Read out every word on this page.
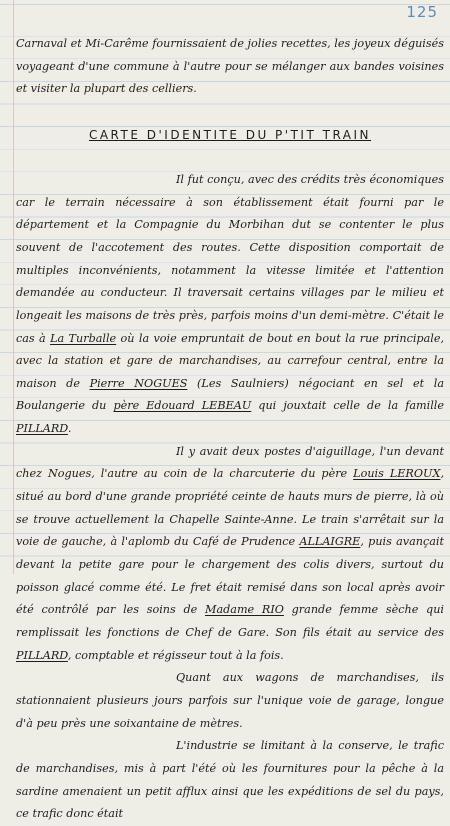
125

Carnaval et Mi-Carême fournissaient de jolies recettes, les joyeux déguisés voyageant d'une commune à l'autre pour se mélanger aux bandes voisines et visiter la plupart des celliers.

CARTE D'IDENTITE DU P'TIT TRAIN

Il fut conçu, avec des crédits très économiques car le terrain nécessaire à son établissement était fourni par le département et la Compagnie du Morbihan dut se contenter le plus souvent de l'accotement des routes. Cette disposition comportait de multiples inconvénients, notamment la vitesse limitée et l'attention demandée au conducteur. Il traversait certains villages par le milieu et longeait les maisons de très près, parfois moins d'un demi-mètre. C'était le cas à La Turballe où la voie empruntait de bout en bout la rue principale, avec la station et gare de marchandises, au carrefour central, entre la maison de Pierre NOGUES (Les Saulniers) négociant en sel et la Boulangerie du père Edouard LEBEAU qui jouxtait celle de la famille PILLARD.

Il y avait deux postes d'aiguillage, l'un devant chez Nogues, l'autre au coin de la charcuterie du père Louis LEROUX, situé au bord d'une grande propriété ceinte de hauts murs de pierre, là où se trouve actuellement la Chapelle Sainte-Anne. Le train s'arrêtait sur la voie de gauche, à l'aplomb du Café de Prudence ALLAIGRE, puis avançait devant la petite gare pour le chargement des colis divers, surtout du poisson glacé comme été. Le fret était remisé dans son local après avoir été contrôlé par les soins de Madame RIO grande femme sèche qui remplissait les fonctions de Chef de Gare. Son fils était au service des PILLARD, comptable et régisseur tout à la fois.

Quant aux wagons de marchandises, ils stationnaient plusieurs jours parfois sur l'unique voie de garage, longue d'à peu près une soixantaine de mètres.

L'industrie se limitant à la conserve, le trafic de marchandises, mis à part l'été où les fournitures pour la pêche à la sardine amenaient un petit afflux ainsi que les expéditions de sel du pays, ce trafic donc était
